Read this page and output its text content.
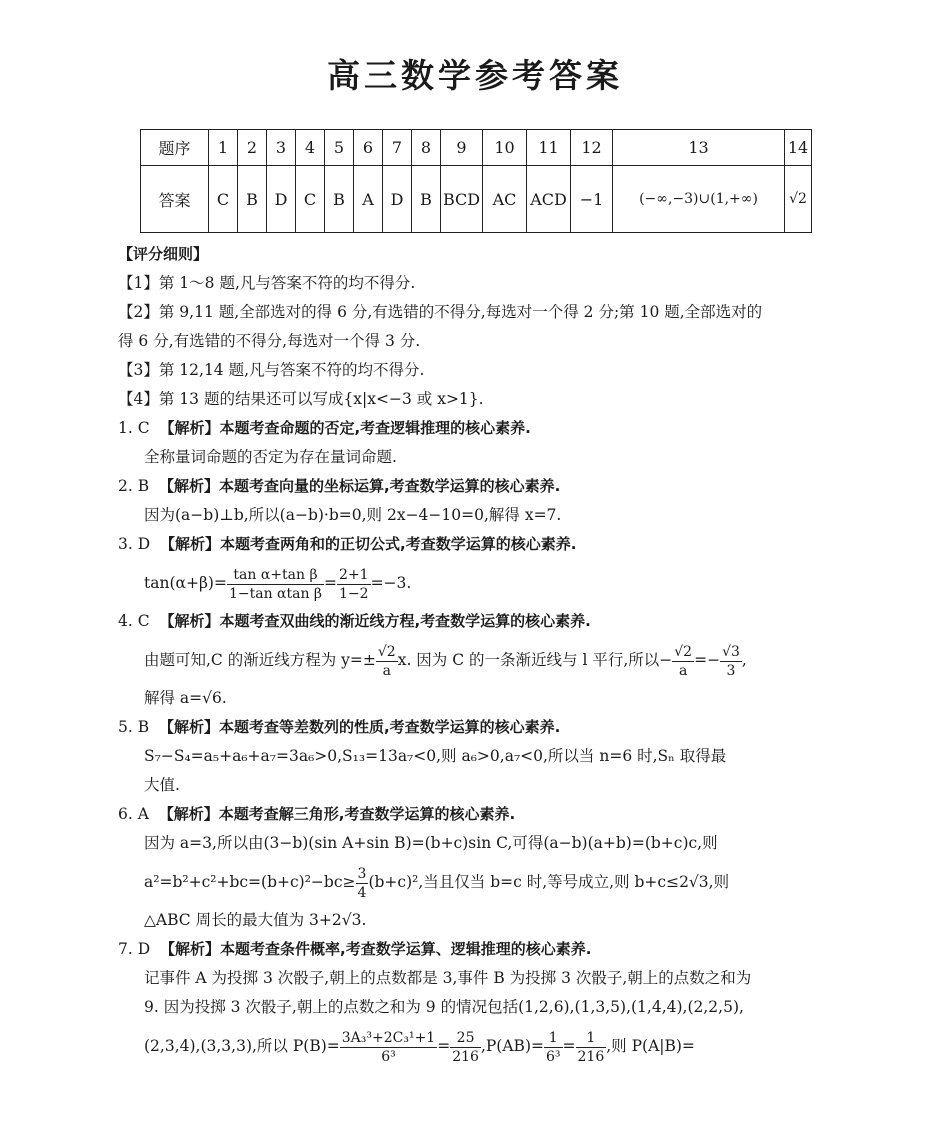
高三数学参考答案
题序	1	2	3	4	5	6	7	8	9	10	11	12	13	14
答案	C	B	D	C	B	A	D	B	BCD	AC	ACD	−1	(−∞,−3)∪(1,+∞)	√2
【评分细则】
【1】第 1～8 题,凡与答案不符的均不得分.
【2】第 9,11 题,全部选对的得 6 分,有选错的不得分,每选对一个得 2 分;第 10 题,全部选对的
得 6 分,有选错的不得分,每选对一个得 3 分.
【3】第 12,14 题,凡与答案不符的均不得分.
【4】第 13 题的结果还可以写成{x|x<−3 或 x>1}.
1. C 【解析】本题考查命题的否定,考查逻辑推理的核心素养.
全称量词命题的否定为存在量词命题.
2. B 【解析】本题考查向量的坐标运算,考查数学运算的核心素养.
因为(a−b)⊥b,所以(a−b)·b=0,则 2x−4−10=0,解得 x=7.
3. D 【解析】本题考查两角和的正切公式,考查数学运算的核心素养.
$\tan(\alpha+\beta)= \frac{\text{tan α+tan β}}{\text{1−tan αtan β}} = \frac{2+1}{1-2} =-3$.
4. C 【解析】本题考查双曲线的渐近线方程,考查数学运算的核心素养.
由题可知,C 的渐近线方程为 $y=\pm \frac{√2}{a} x$. 因为 C 的一条渐近线与 l 平行,所以− $\frac{√2}{a} =- \frac{√3}{3}$ ,
解得 a=√6.
5. B 【解析】本题考查等差数列的性质,考查数学运算的核心素养.
S₇−S₄=a₅+a₆+a₇=3a₆>0,S₁₃=13a₇<0,则 a₆>0,a₇<0,所以当 n=6 时,Sₙ 取得最
大值.
6. A 【解析】本题考查解三角形,考查数学运算的核心素养.
因为 a=3,所以由(3−b)(sin A+sin B)=(b+c)sin C,可得(a−b)(a+b)=(b+c)c,则
$a^2=b^2+c^2+bc=(b+c)^2-bc\ge \frac{3}{4} (b+c)^2$,当且仅当 b=c 时,等号成立,则 b+c≤2√3,则
△ABC 周长的最大值为 3+2√3.
7. D 【解析】本题考查条件概率,考查数学运算、逻辑推理的核心素养.
记事件 A 为投掷 3 次骰子,朝上的点数都是 3,事件 B 为投掷 3 次骰子,朝上的点数之和为
9. 因为投掷 3 次骰子,朝上的点数之和为 9 的情况包括(1,2,6),(1,3,5),(1,4,4),(2,2,5),
(2,3,4),(3,3,3),所以 $P(B)= \frac{\text{3A₃³+2C₃¹+1}}{\text{6³}} = \frac{25}{216} ,P(AB)= \frac{1}{\text{6³}} = \frac{1}{216}$ ,则 P(A|B)=
